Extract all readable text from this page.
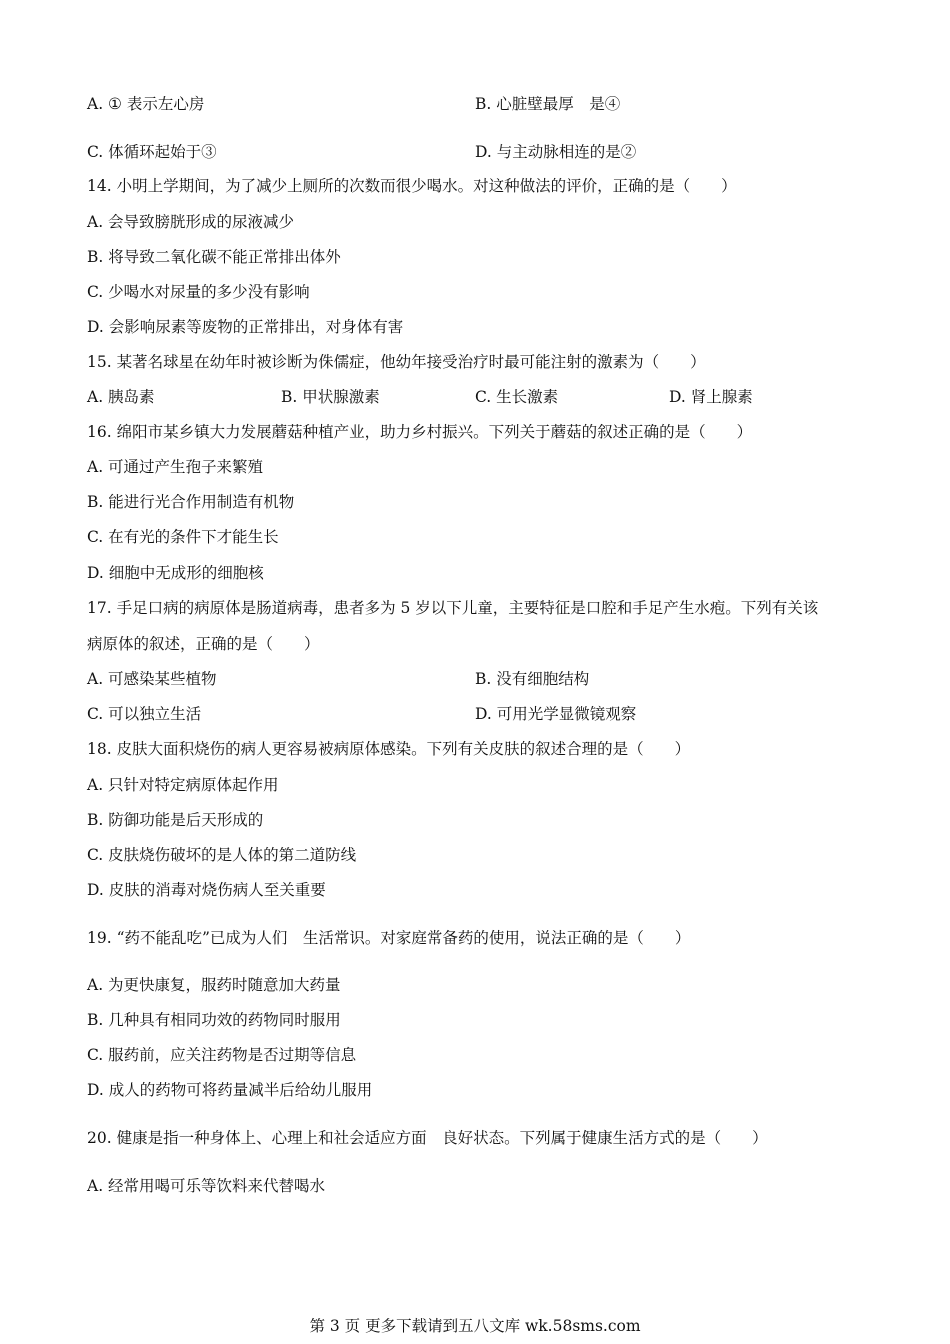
A. ① 表示左心房	B. 心脏壁最厚　是④
C. 体循环起始于③	D. 与主动脉相连的是②
14. 小明上学期间，为了减少上厕所的次数而很少喝水。对这种做法的评价，正确的是（　　）
A. 会导致膀胱形成的尿液减少
B. 将导致二氧化碳不能正常排出体外
C. 少喝水对尿量的多少没有影响
D. 会影响尿素等废物的正常排出，对身体有害
15. 某著名球星在幼年时被诊断为侏儒症，他幼年接受治疗时最可能注射的激素为（　　）
A. 胰岛素	B. 甲状腺激素	C. 生长激素	D. 肾上腺素
16. 绵阳市某乡镇大力发展蘑菇种植产业，助力乡村振兴。下列关于蘑菇的叙述正确的是（　　）
A. 可通过产生孢子来繁殖
B. 能进行光合作用制造有机物
C. 在有光的条件下才能生长
D. 细胞中无成形的细胞核
17. 手足口病的病原体是肠道病毒，患者多为 5 岁以下儿童，主要特征是口腔和手足产生水疱。下列有关该
病原体的叙述，正确的是（　　）
A. 可感染某些植物	B. 没有细胞结构
C. 可以独立生活	D. 可用光学显微镜观察
18. 皮肤大面积烧伤的病人更容易被病原体感染。下列有关皮肤的叙述合理的是（　　）
A. 只针对特定病原体起作用
B. 防御功能是后天形成的
C. 皮肤烧伤破坏的是人体的第二道防线
D. 皮肤的消毒对烧伤病人至关重要
19. “药不能乱吃”已成为人们　生活常识。对家庭常备药的使用，说法正确的是（　　）
A. 为更快康复，服药时随意加大药量
B. 几种具有相同功效的药物同时服用
C. 服药前，应关注药物是否过期等信息
D. 成人的药物可将药量减半后给幼儿服用
20. 健康是指一种身体上、心理上和社会适应方面　良好状态。下列属于健康生活方式的是（　　）
A. 经常用喝可乐等饮料来代替喝水
第 3 页 更多下载请到五八文库 wk.58sms.com
